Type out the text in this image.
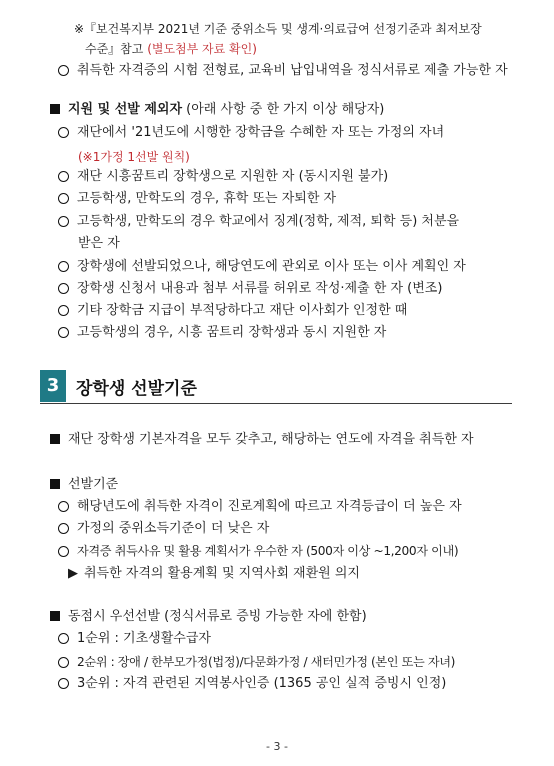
※『보건복지부 2021년 기준 중위소득 및 생계·의료급여 선정기준과 최저보장
수준』참고 (별도첨부 자료 확인)
취득한 자격증의 시험 전형료, 교육비 납입내역을 정식서류로 제출 가능한 자
지원 및 선발 제외자 (아래 사항 중 한 가지 이상 해당자)
재단에서 '21년도에 시행한 장학금을 수혜한 자 또는 가정의 자녀
(※1가정 1선발 원칙)
재단 시흥꿈트리 장학생으로 지원한 자 (동시지원 불가)
고등학생, 만학도의 경우, 휴학 또는 자퇴한 자
고등학생, 만학도의 경우 학교에서 징계(정학, 제적, 퇴학 등) 처분을
받은 자
장학생에 선발되었으나, 해당연도에 관외로 이사 또는 이사 계획인 자
장학생 신청서 내용과 첨부 서류를 허위로 작성·제출 한 자 (변조)
기타 장학금 지급이 부적당하다고 재단 이사회가 인정한 때
고등학생의 경우, 시흥 꿈트리 장학생과 동시 지원한 자
3 장학생 선발기준
재단 장학생 기본자격을 모두 갖추고, 해당하는 연도에 자격을 취득한 자
선발기준
해당년도에 취득한 자격이 진로계획에 따르고 자격등급이 더 높은 자
가정의 중위소득기준이 더 낮은 자
자격증 취득사유 및 활용 계획서가 우수한 자 (500자 이상 ~1,200자 이내)
▶ 취득한 자격의 활용계획 및 지역사회 재환원 의지
동점시 우선선발 (정식서류로 증빙 가능한 자에 한함)
1순위 : 기초생활수급자
2순위 : 장애 / 한부모가정(법정)/다문화가정 / 새터민가정 (본인 또는 자녀)
3순위 : 자격 관련된 지역봉사인증 (1365 공인 실적 증빙시 인정)
- 3 -
